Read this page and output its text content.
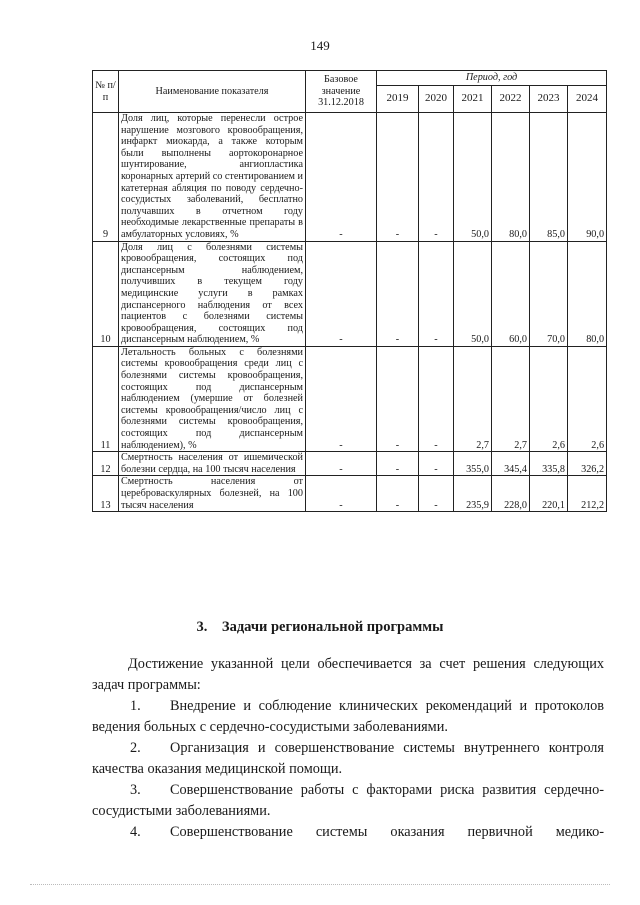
149
№ п/п	Наименование показателя	Базовое значение 31.12.2018	Период, год					
			2019	2020	2021	2022	2023	2024
9	Доля лиц, которые перенесли острое нарушение мозгового кровообращения, инфаркт миокарда, а также которым были выполнены аортокоронарное шунтирование, ангиопластика коронарных артерий со стентированием и катетерная абляция по поводу сердечно-сосудистых заболеваний, бесплатно получавших в отчетном году необходимые лекарственные препараты в амбулаторных условиях, %	-	-	-	50,0	80,0	85,0	90,0
10	Доля лиц с болезнями системы кровообращения, состоящих под диспансерным наблюдением, получивших в текущем году медицинские услуги в рамках диспансерного наблюдения от всех пациентов с болезнями системы кровообращения, состоящих под диспансерным наблюдением, %	-	-	-	50,0	60,0	70,0	80,0
11	Летальность больных с болезнями системы кровообращения среди лиц с болезнями системы кровообращения, состоящих под диспансерным наблюдением (умершие от болезней системы кровообращения/число лиц с болезнями системы кровообращения, состоящих под диспансерным наблюдением), %	-	-	-	2,7	2,7	2,6	2,6
12	Смертность населения от ишемической болезни сердца, на 100 тысяч населения	-	-	-	355,0	345,4	335,8	326,2
13	Смертность населения от цереброваскулярных болезней, на 100 тысяч населения	-	-	-	235,9	228,0	220,1	212,2
3. Задачи региональной программы
Достижение указанной цели обеспечивается за счет решения следующих задач программы:
1. Внедрение и соблюдение клинических рекомендаций и протоколов ведения больных с сердечно-сосудистыми заболеваниями.
2. Организация и совершенствование системы внутреннего контроля качества оказания медицинской помощи.
3. Совершенствование работы с факторами риска развития сердечно-сосудистыми заболеваниями.
4. Совершенствование системы оказания первичной медико-
